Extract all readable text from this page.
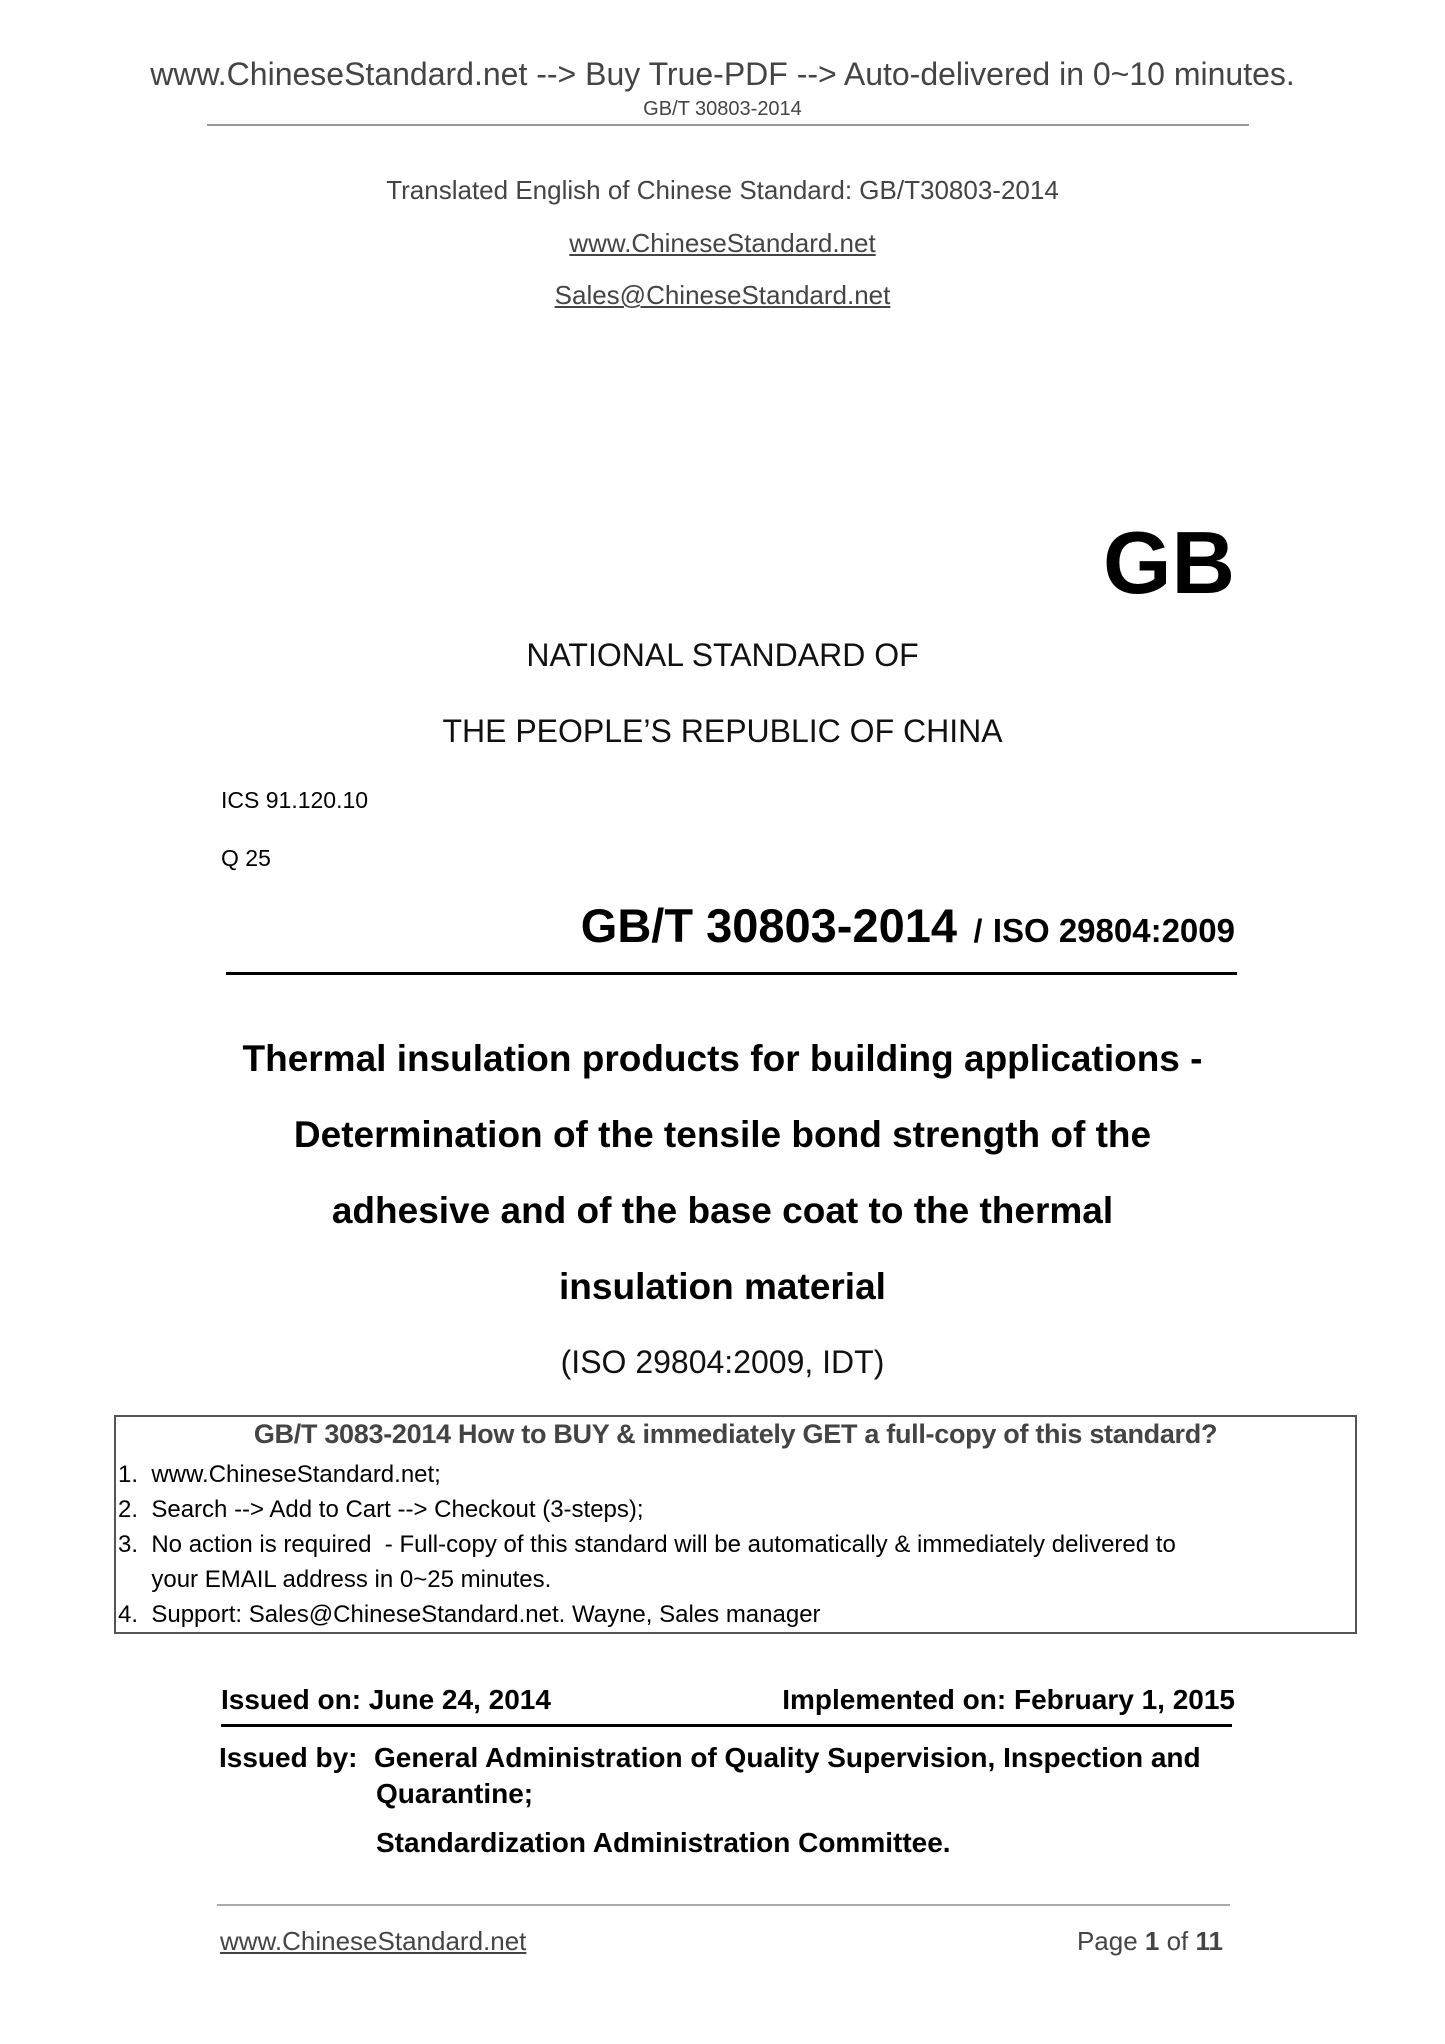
www.ChineseStandard.net --> Buy True-PDF --> Auto-delivered in 0~10 minutes.
GB/T 30803-2014
Translated English of Chinese Standard: GB/T30803-2014
www.ChineseStandard.net
Sales@ChineseStandard.net
GB
NATIONAL STANDARD OF
THE PEOPLE’S REPUBLIC OF CHINA
ICS 91.120.10
Q 25
GB/T 30803-2014 / ISO 29804:2009
Thermal insulation products for building applications -
Determination of the tensile bond strength of the
adhesive and of the base coat to the thermal
insulation material
(ISO 29804:2009, IDT)
GB/T 3083-2014 How to BUY & immediately GET a full-copy of this standard?
1.  www.ChineseStandard.net;
2.  Search --> Add to Cart --> Checkout (3-steps);
3.  No action is required  - Full-copy of this standard will be automatically & immediately delivered to
your EMAIL address in 0~25 minutes.
4.  Support: Sales@ChineseStandard.net. Wayne, Sales manager
Issued on: June 24, 2014	Implemented on: February 1, 2015
Issued by: General Administration of Quality Supervision, Inspection and
Quarantine;
Standardization Administration Committee.
www.ChineseStandard.net	Page 1 of 11
